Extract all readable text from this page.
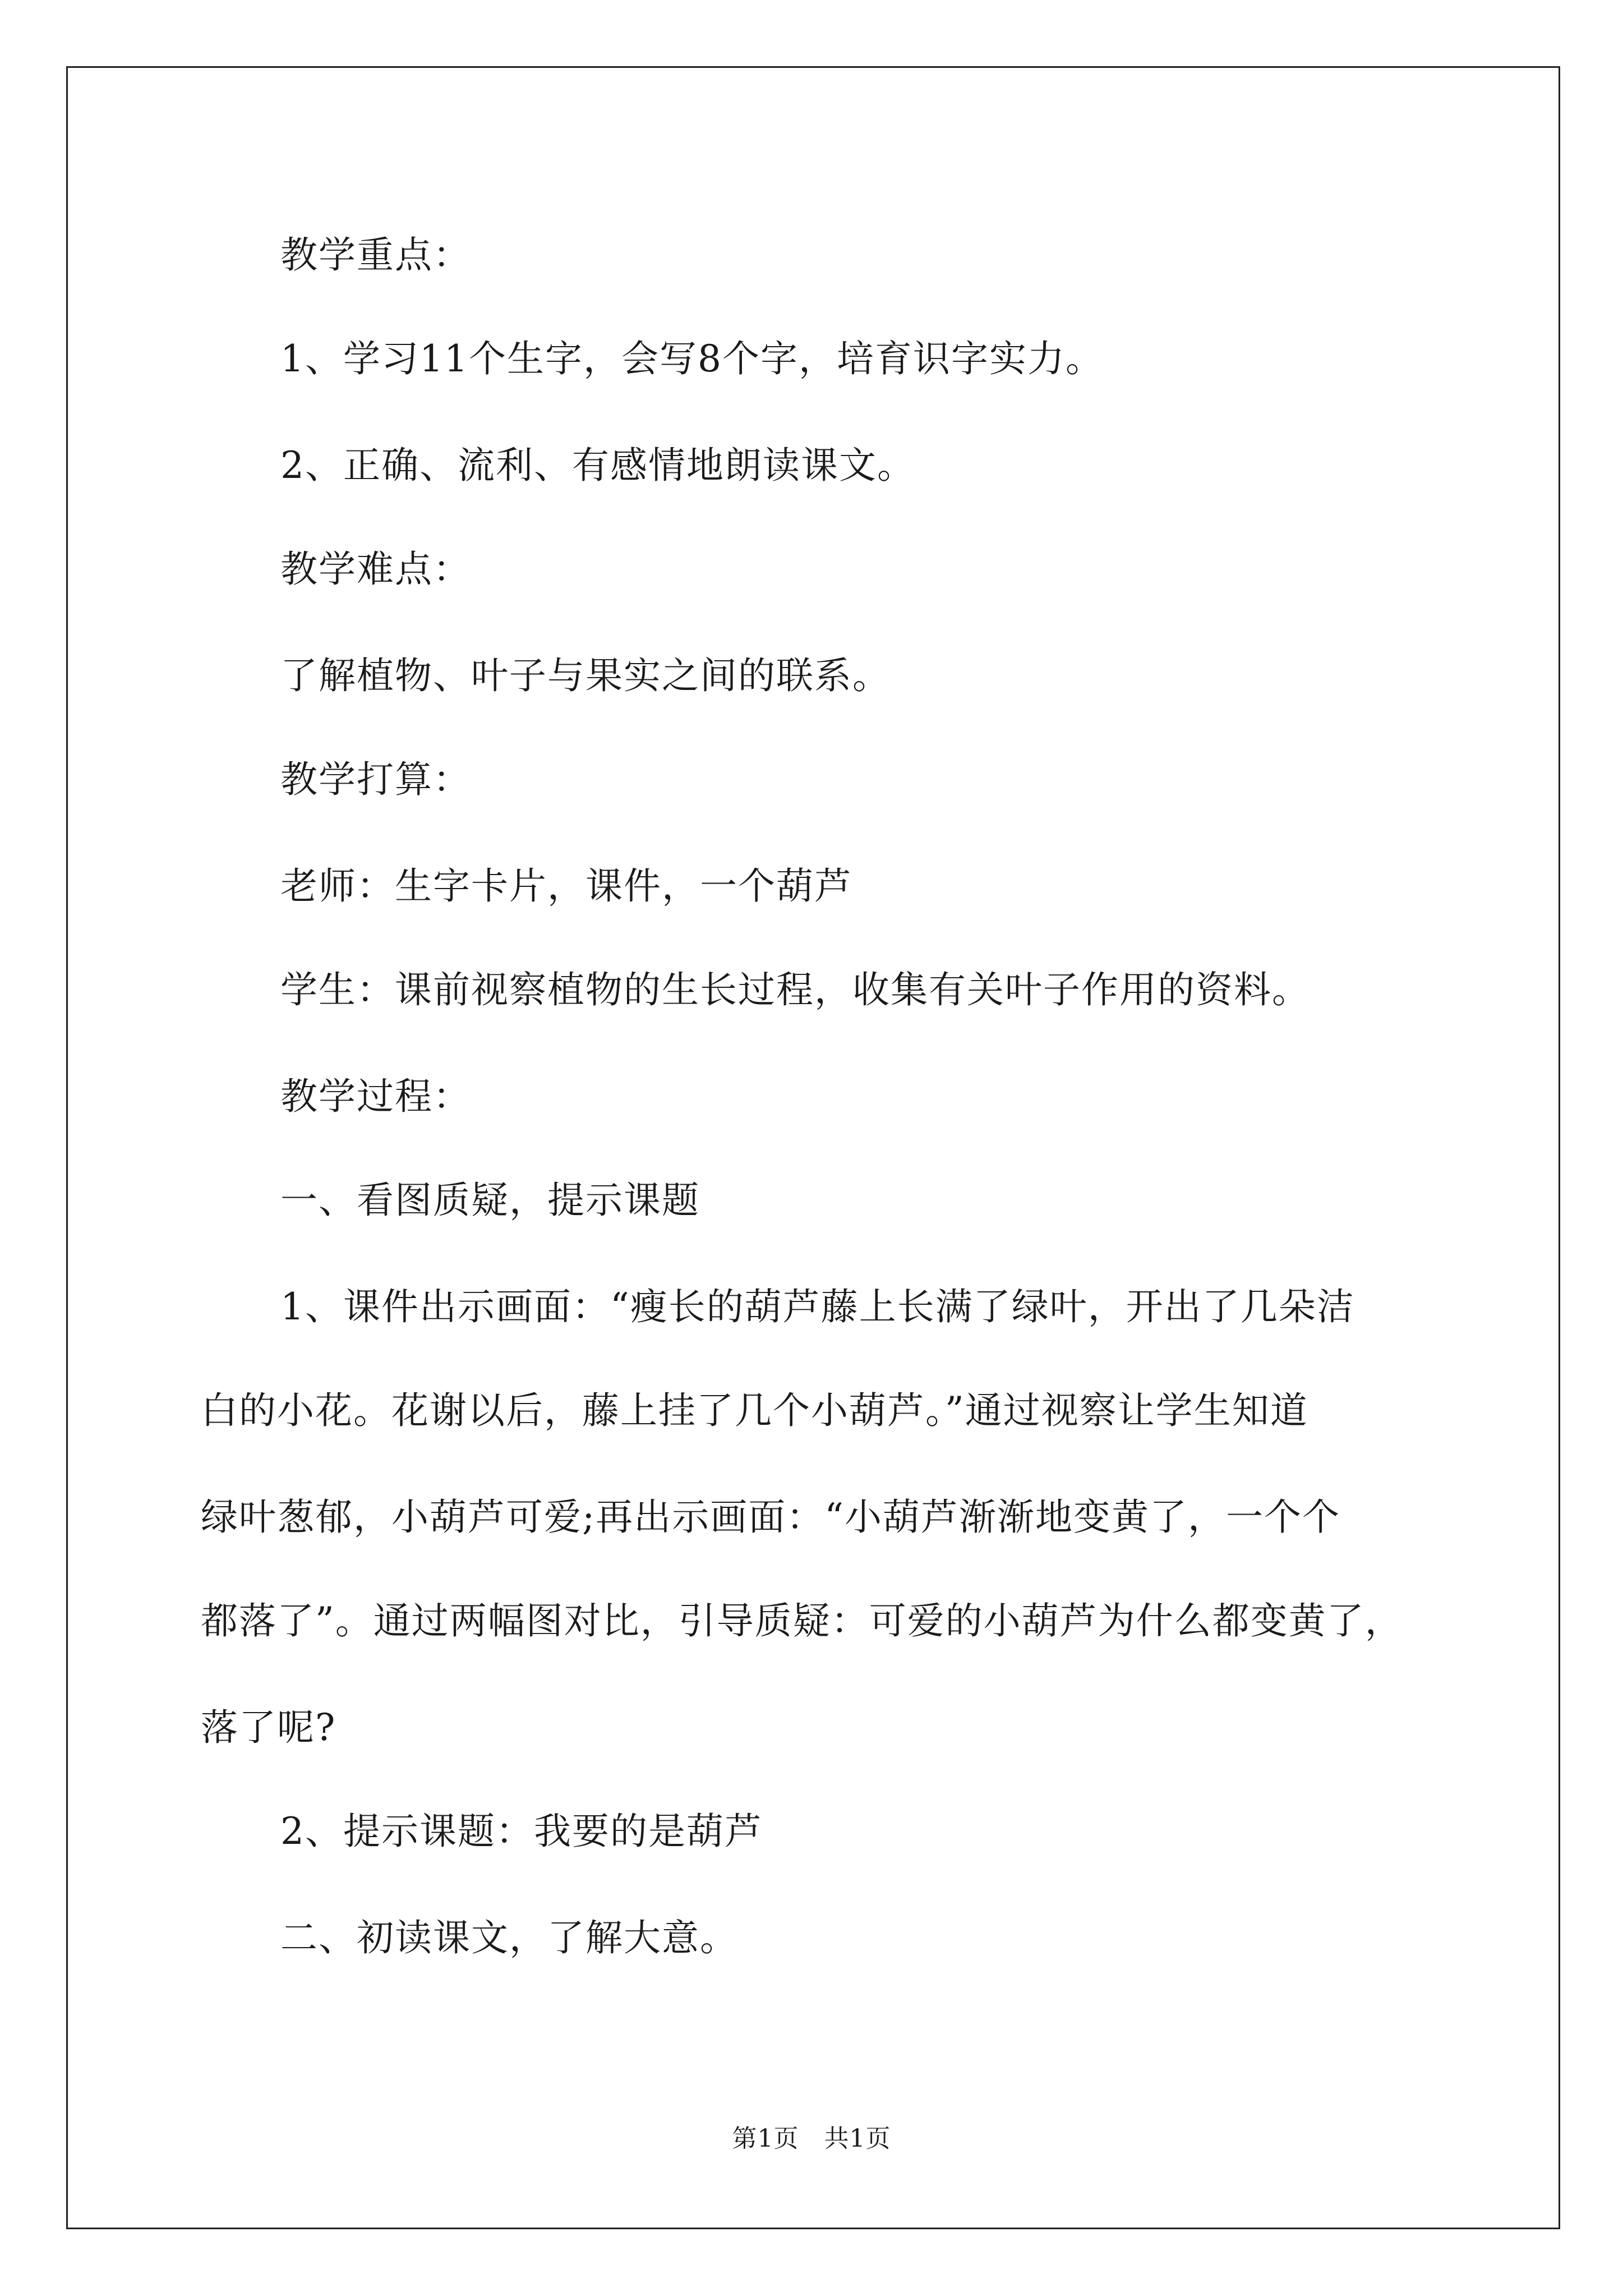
教学重点：
1、学习11个生字，会写8个字，培育识字实力。
2、正确、流利、有感情地朗读课文。
教学难点：
了解植物、叶子与果实之间的联系。
教学打算：
老师：生字卡片，课件，一个葫芦
学生：课前视察植物的生长过程，收集有关叶子作用的资料。
教学过程：
一、看图质疑，提示课题
1、课件出示画面：“瘦长的葫芦藤上长满了绿叶，开出了几朵洁
白的小花。花谢以后，藤上挂了几个小葫芦。”通过视察让学生知道
绿叶葱郁，小葫芦可爱;再出示画面：“小葫芦渐渐地变黄了，一个个
都落了”。通过两幅图对比，引导质疑：可爱的小葫芦为什么都变黄了，
落了呢?
2、提示课题：我要的是葫芦
二、初读课文，了解大意。
第1页　共1页
